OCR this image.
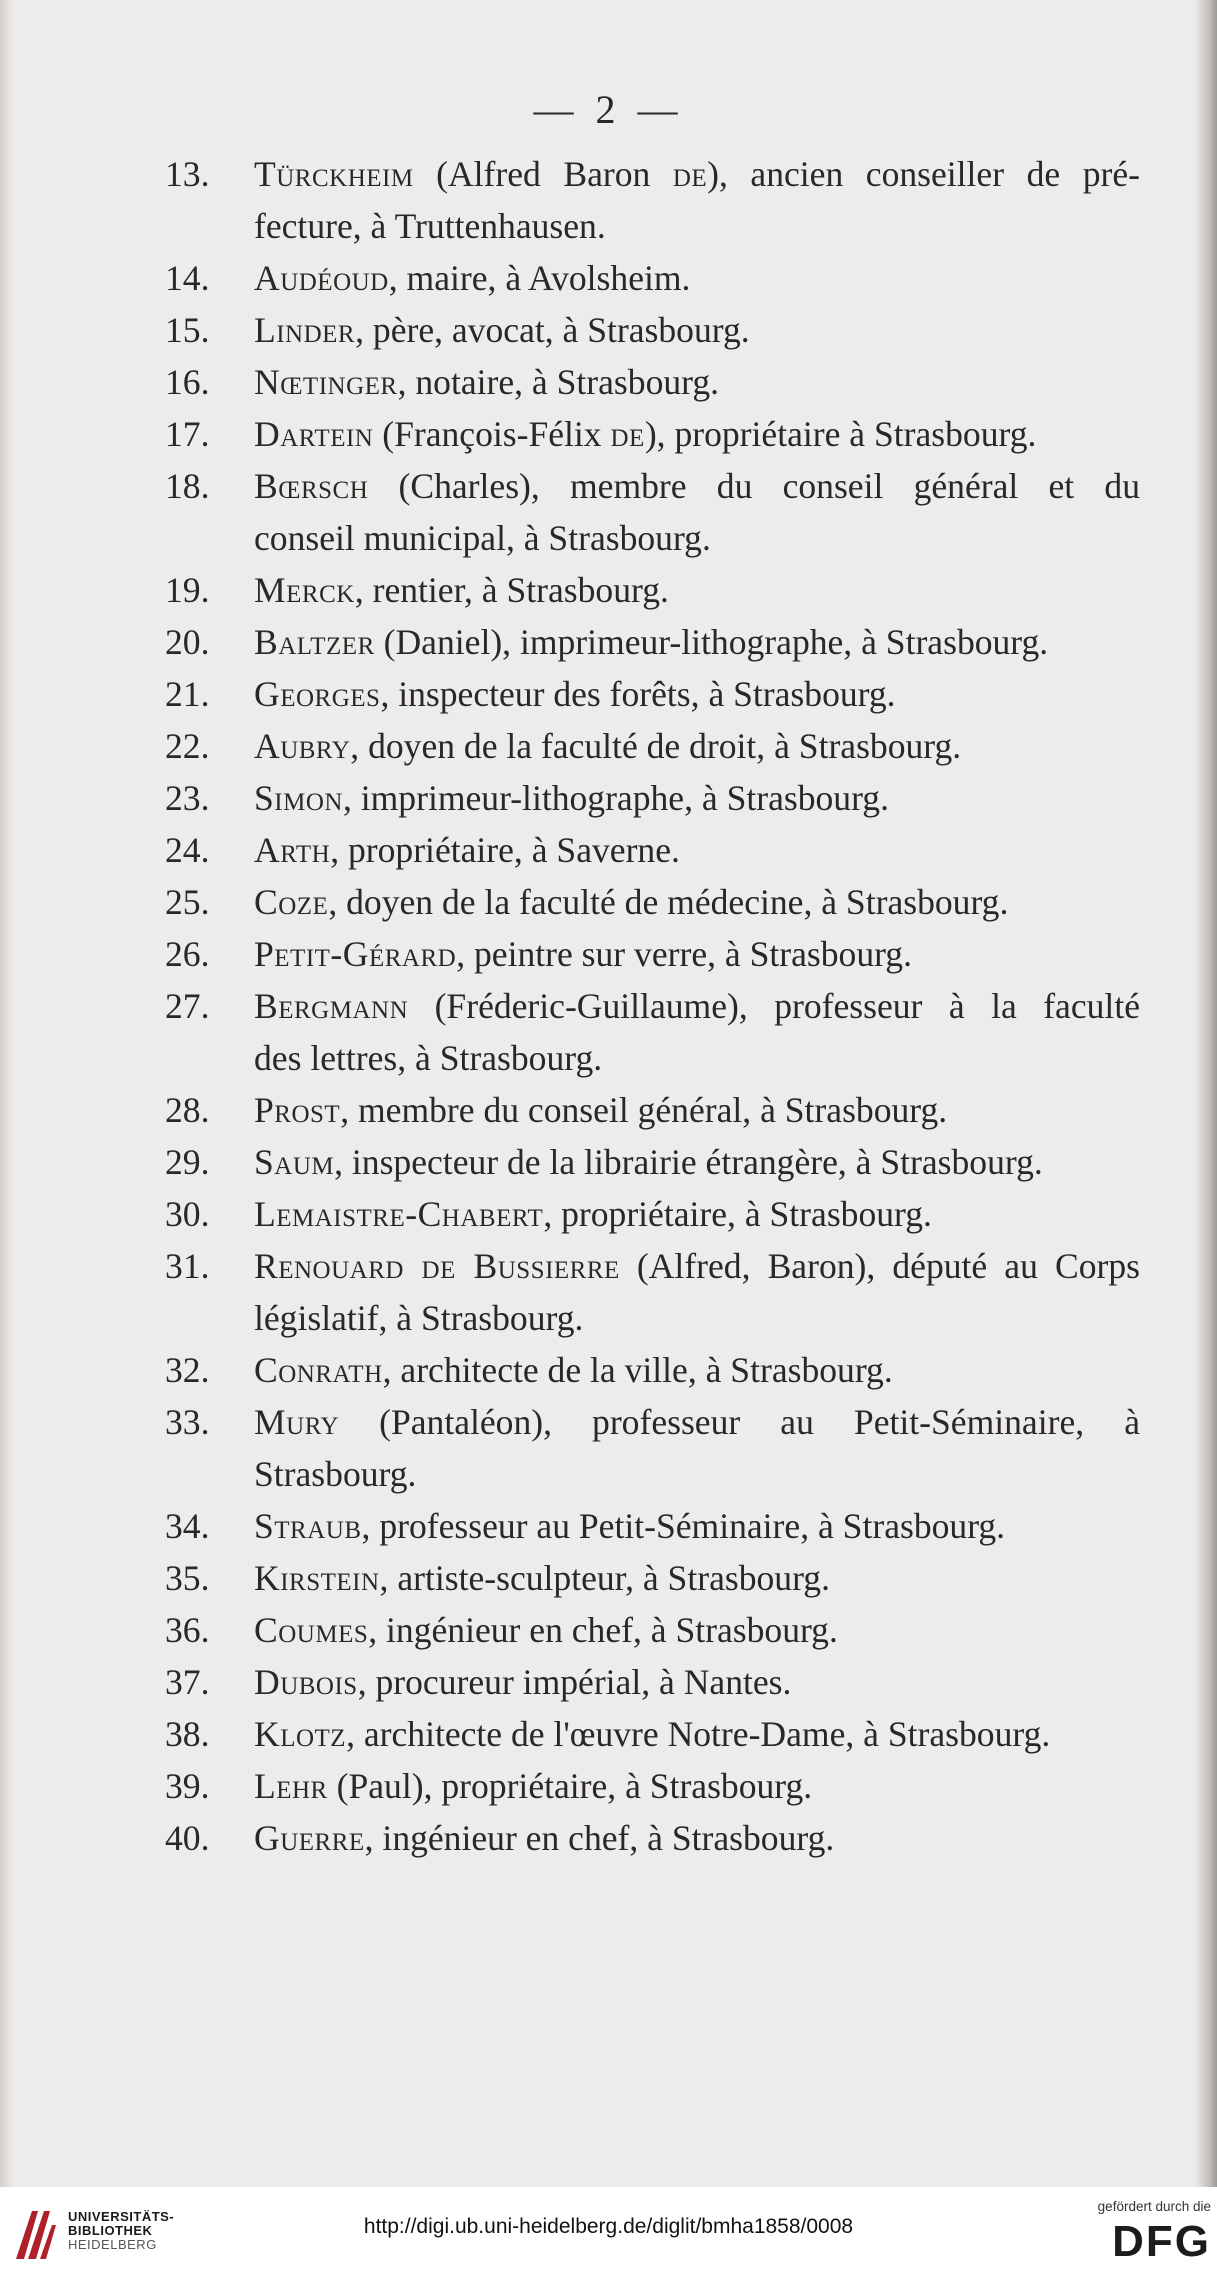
— 2 —
13.	Türckheim (Alfred Baron de), ancien conseiller de pré-
fecture, à Truttenhausen.
14.	Audéoud, maire, à Avolsheim.
15.	Linder, père, avocat, à Strasbourg.
16.	Nœtinger, notaire, à Strasbourg.
17.	Dartein (François-Félix de), propriétaire à Strasbourg.
18.	Bœrsch (Charles), membre du conseil général et du
conseil municipal, à Strasbourg.
19.	Merck, rentier, à Strasbourg.
20.	Baltzer (Daniel), imprimeur-lithographe, à Strasbourg.
21.	Georges, inspecteur des forêts, à Strasbourg.
22.	Aubry, doyen de la faculté de droit, à Strasbourg.
23.	Simon, imprimeur-lithographe, à Strasbourg.
24.	Arth, propriétaire, à Saverne.
25.	Coze, doyen de la faculté de médecine, à Strasbourg.
26.	Petit-Gérard, peintre sur verre, à Strasbourg.
27.	Bergmann (Fréderic-Guillaume), professeur à la faculté
des lettres, à Strasbourg.
28.	Prost, membre du conseil général, à Strasbourg.
29.	Saum, inspecteur de la librairie étrangère, à Strasbourg.
30.	Lemaistre-Chabert, propriétaire, à Strasbourg.
31.	Renouard de Bussierre (Alfred, Baron), député au Corps
législatif, à Strasbourg.
32.	Conrath, architecte de la ville, à Strasbourg.
33.	Mury (Pantaléon), professeur au Petit-Séminaire, à
Strasbourg.
34.	Straub, professeur au Petit-Séminaire, à Strasbourg.
35.	Kirstein, artiste-sculpteur, à Strasbourg.
36.	Coumes, ingénieur en chef, à Strasbourg.
37.	Dubois, procureur impérial, à Nantes.
38.	Klotz, architecte de l'œuvre Notre-Dame, à Strasbourg.
39.	Lehr (Paul), propriétaire, à Strasbourg.
40.	Guerre, ingénieur en chef, à Strasbourg.
UNIVERSITÄTS-
BIBLIOTHEK
HEIDELBERG
http://digi.ub.uni-heidelberg.de/diglit/bmha1858/0008
gefördert durch die
DFG
